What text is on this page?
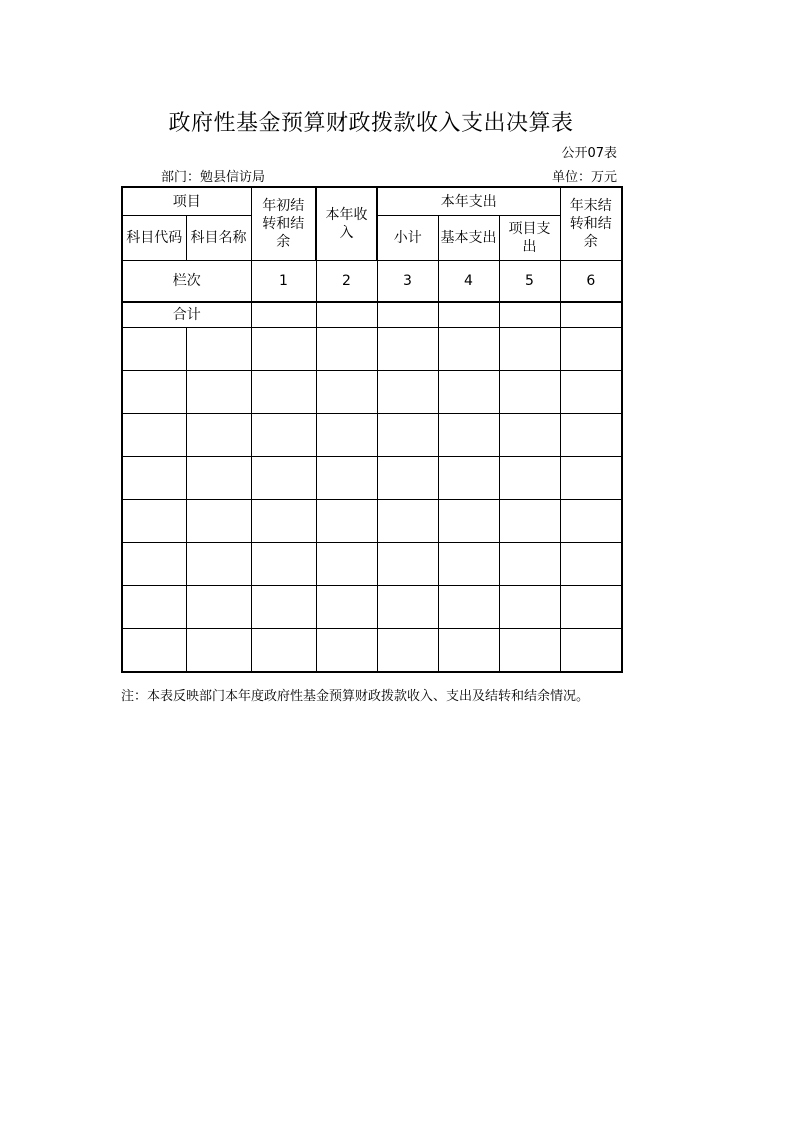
政府性基金预算财政拨款收入支出决算表
公开07表
部门：勉县信访局	单位：万元
项目		年初结转和结余	本年收入	本年支出			年末结转和结余
科目代码	科目名称			小计	基本支出	项目支出	
栏次		1	2	3	4	5	6
合计							

注：本表反映部门本年度政府性基金预算财政拨款收入、支出及结转和结余情况。
